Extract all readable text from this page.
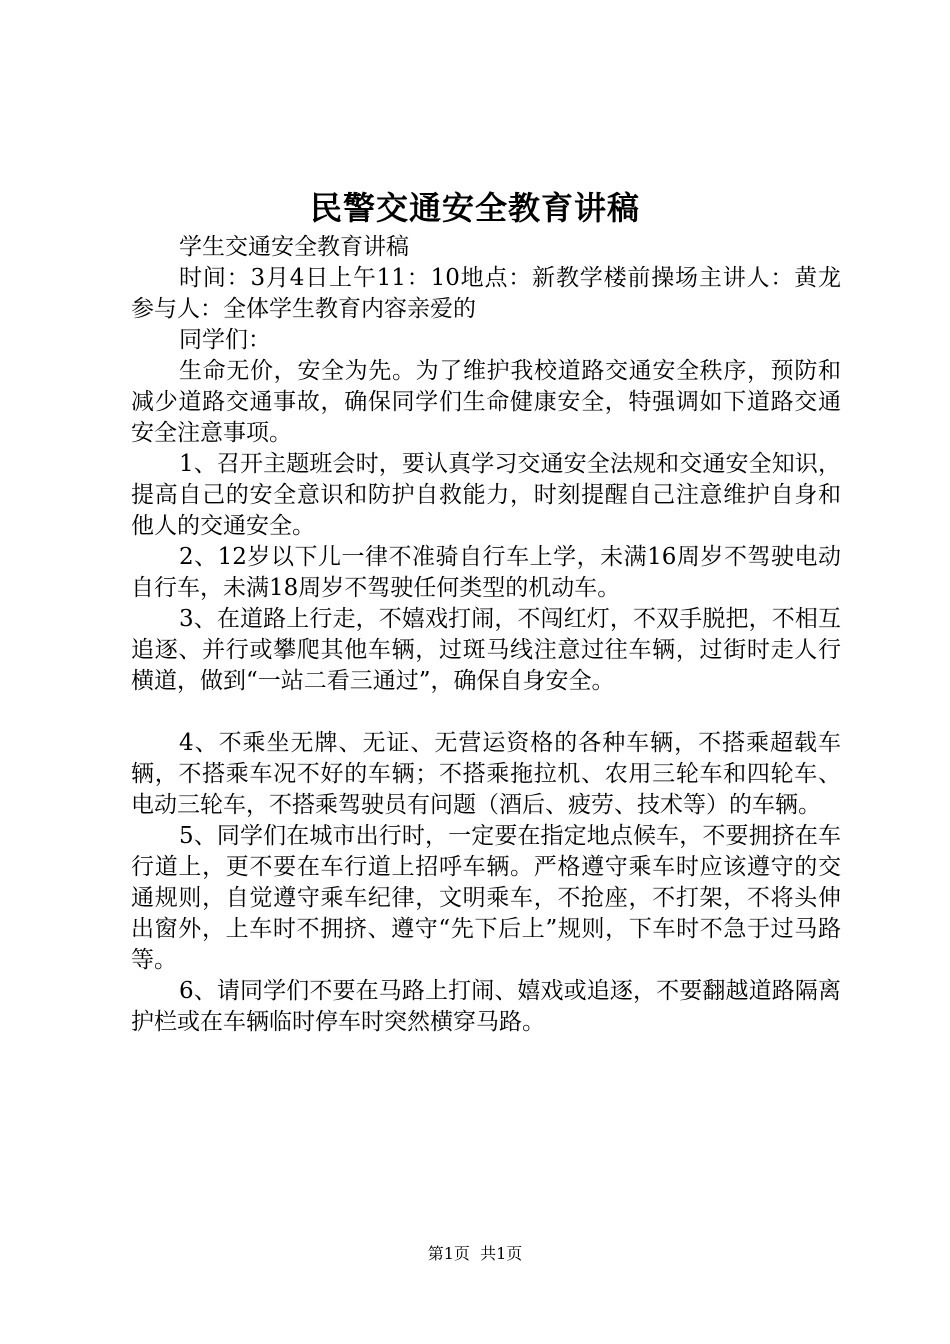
民警交通安全教育讲稿

学生交通安全教育讲稿

时间：3月4日上午11：10地点：新教学楼前操场主讲人：黄龙参与人：全体学生教育内容亲爱的

同学们：

生命无价，安全为先。为了维护我校道路交通安全秩序，预防和减少道路交通事故，确保同学们生命健康安全，特强调如下道路交通安全注意事项。

1、召开主题班会时，要认真学习交通安全法规和交通安全知识，提高自己的安全意识和防护自救能力，时刻提醒自己注意维护自身和他人的交通安全。

2、12岁以下儿一律不准骑自行车上学，未满16周岁不驾驶电动自行车，未满18周岁不驾驶任何类型的机动车。

3、在道路上行走，不嬉戏打闹，不闯红灯，不双手脱把，不相互追逐、并行或攀爬其他车辆，过斑马线注意过往车辆，过街时走人行横道，做到“一站二看三通过”，确保自身安全。

4、不乘坐无牌、无证、无营运资格的各种车辆，不搭乘超载车辆，不搭乘车况不好的车辆；不搭乘拖拉机、农用三轮车和四轮车、电动三轮车，不搭乘驾驶员有问题（酒后、疲劳、技术等）的车辆。

5、同学们在城市出行时，一定要在指定地点候车，不要拥挤在车行道上，更不要在车行道上招呼车辆。严格遵守乘车时应该遵守的交通规则，自觉遵守乘车纪律，文明乘车，不抢座，不打架，不将头伸出窗外，上车时不拥挤、遵守“先下后上”规则，下车时不急于过马路等。

6、请同学们不要在马路上打闹、嬉戏或追逐，不要翻越道路隔离护栏或在车辆临时停车时突然横穿马路。

第1页 共1页
